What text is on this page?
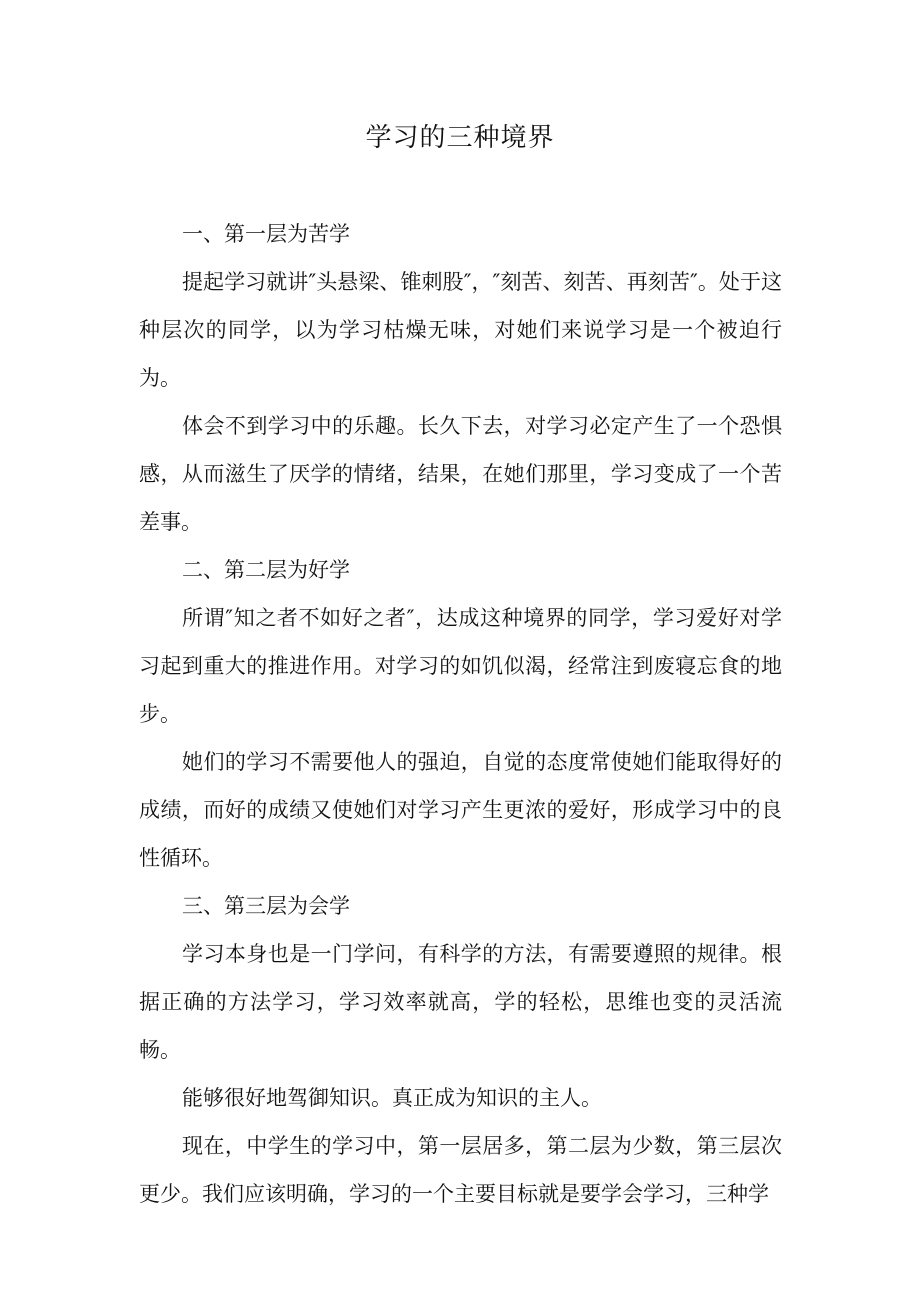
学习的三种境界

一、第一层为苦学

提起学习就讲″头悬梁、锥刺股″，″刻苦、刻苦、再刻苦″。处于这种层次的同学，以为学习枯燥无味，对她们来说学习是一个被迫行为。

体会不到学习中的乐趣。长久下去，对学习必定产生了一个恐惧感，从而滋生了厌学的情绪，结果，在她们那里，学习变成了一个苦差事。

二、第二层为好学

所谓″知之者不如好之者″，达成这种境界的同学，学习爱好对学习起到重大的推进作用。对学习的如饥似渴，经常注到废寝忘食的地步。

她们的学习不需要他人的强迫，自觉的态度常使她们能取得好的成绩，而好的成绩又使她们对学习产生更浓的爱好，形成学习中的良性循环。

三、第三层为会学

学习本身也是一门学问，有科学的方法，有需要遵照的规律。根据正确的方法学习，学习效率就高，学的轻松，思维也变的灵活流畅。

能够很好地驾御知识。真正成为知识的主人。

现在，中学生的学习中，第一层居多，第二层为少数，第三层次更少。我们应该明确，学习的一个主要目标就是要学会学习，三种学
